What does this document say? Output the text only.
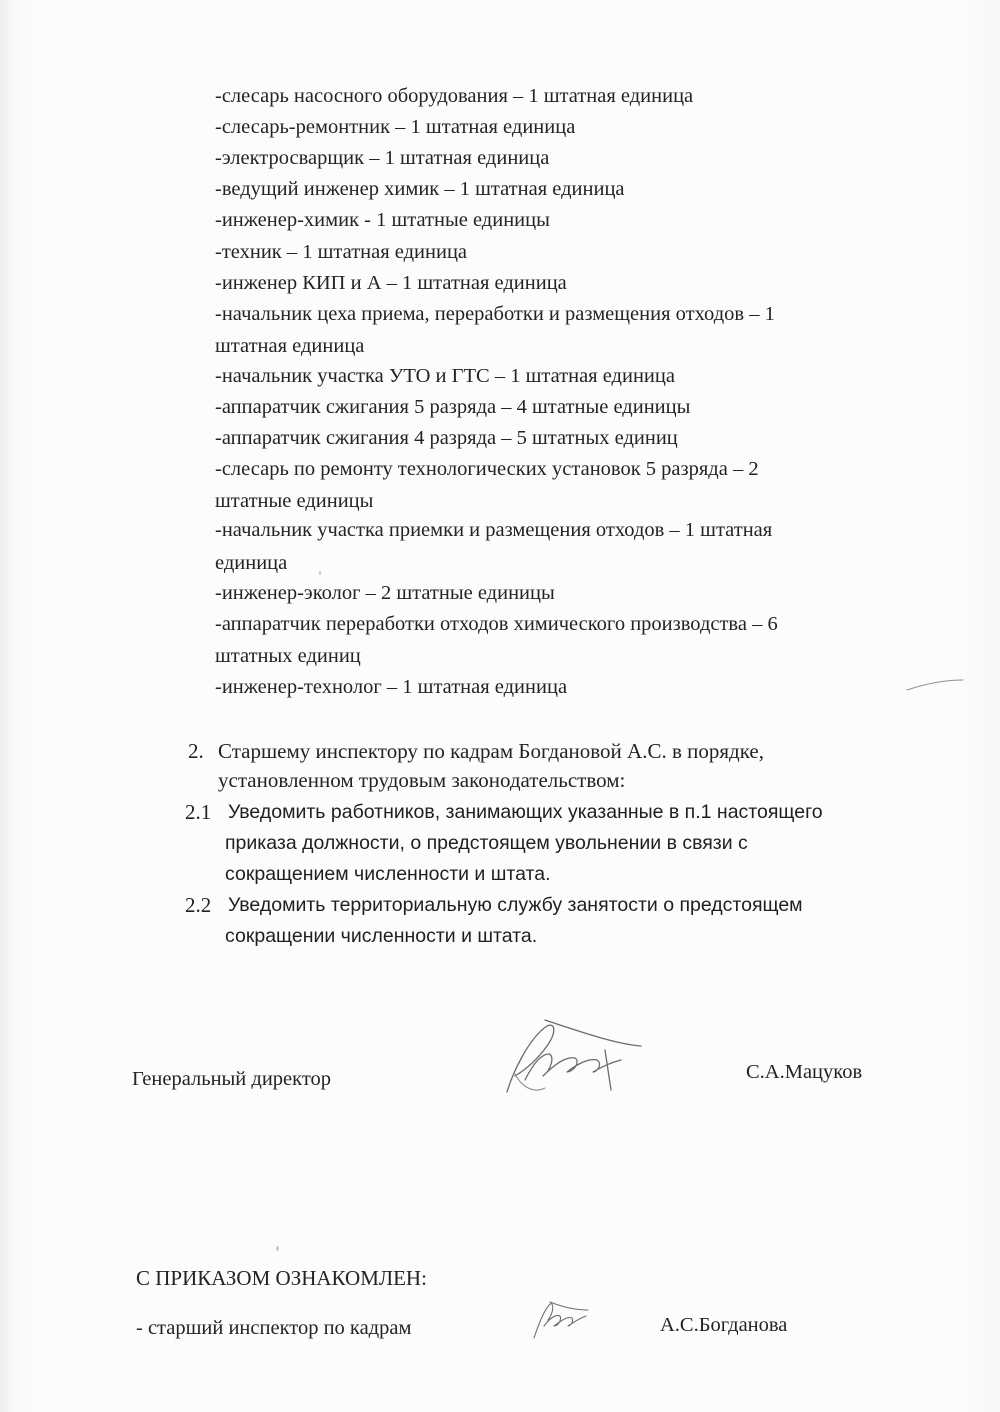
-слесарь насосного оборудования – 1 штатная единица
-слесарь-ремонтник – 1 штатная единица
-электросварщик – 1 штатная единица
-ведущий инженер химик – 1 штатная единица
-инженер-химик - 1 штатные единицы
-техник – 1 штатная единица
-инженер КИП и А – 1 штатная единица
-начальник цеха приема, переработки и размещения отходов – 1
штатная единица
-начальник участка УТО и ГТС – 1 штатная единица
-аппаратчик сжигания 5 разряда – 4 штатные единицы
-аппаратчик сжигания 4 разряда – 5 штатных единиц
-слесарь по ремонту технологических установок 5 разряда – 2
штатные единицы
-начальник участка приемки и размещения отходов – 1 штатная
единица
-инженер-эколог – 2 штатные единицы
-аппаратчик переработки отходов химического производства – 6
штатных единиц
-инженер-технолог – 1 штатная единица
2. Старшему инспектору по кадрам Богдановой А.С. в порядке,
установленном трудовым законодательством:
2.1 Уведомить работников, занимающих указанные в п.1 настоящего
приказа должности, о предстоящем увольнении в связи с
сокращением численности и штата.
2.2 Уведомить территориальную службу занятости о предстоящем
сокращении численности и штата.
Генеральный директор	С.А.Мацуков
С ПРИКАЗОМ ОЗНАКОМЛЕН:
- старший инспектор по кадрам	А.С.Богданова
